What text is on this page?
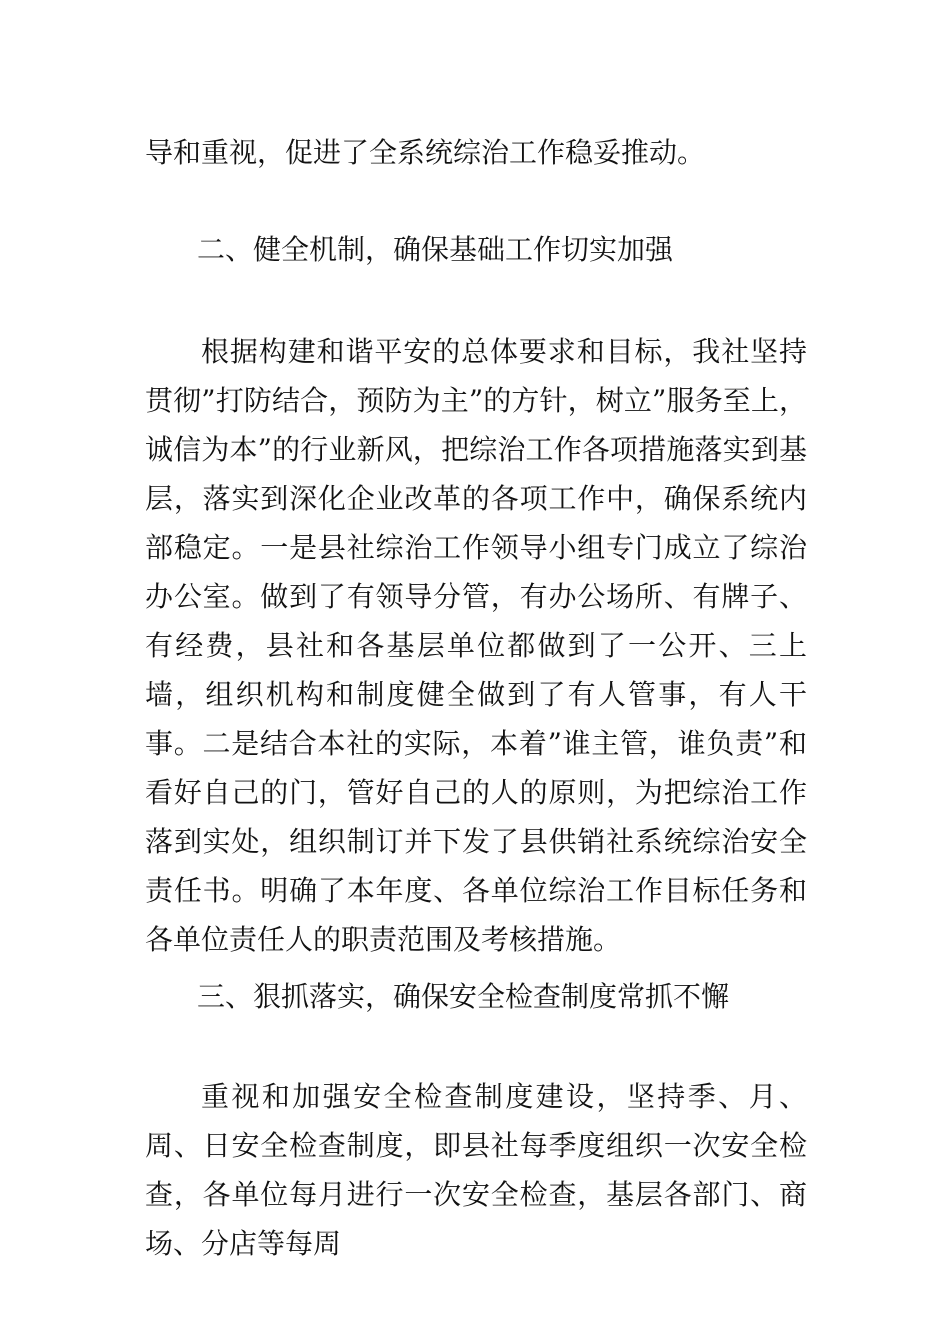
导和重视，促进了全系统综治工作稳妥推动。

二、健全机制，确保基础工作切实加强

根据构建和谐平安的总体要求和目标，我社坚持贯彻”打防结合，预防为主”的方针，树立”服务至上，诚信为本”的行业新风，把综治工作各项措施落实到基层，落实到深化企业改革的各项工作中，确保系统内部稳定。一是县社综治工作领导小组专门成立了综治办公室。做到了有领导分管，有办公场所、有牌子、有经费，县社和各基层单位都做到了一公开、三上墙，组织机构和制度健全做到了有人管事，有人干事。二是结合本社的实际，本着”谁主管，谁负责”和看好自己的门，管好自己的人的原则，为把综治工作落到实处，组织制订并下发了县供销社系统综治安全责任书。明确了本年度、各单位综治工作目标任务和各单位责任人的职责范围及考核措施。

三、狠抓落实，确保安全检查制度常抓不懈

重视和加强安全检查制度建设，坚持季、月、周、日安全检查制度，即县社每季度组织一次安全检查，各单位每月进行一次安全检查，基层各部门、商场、分店等每周
